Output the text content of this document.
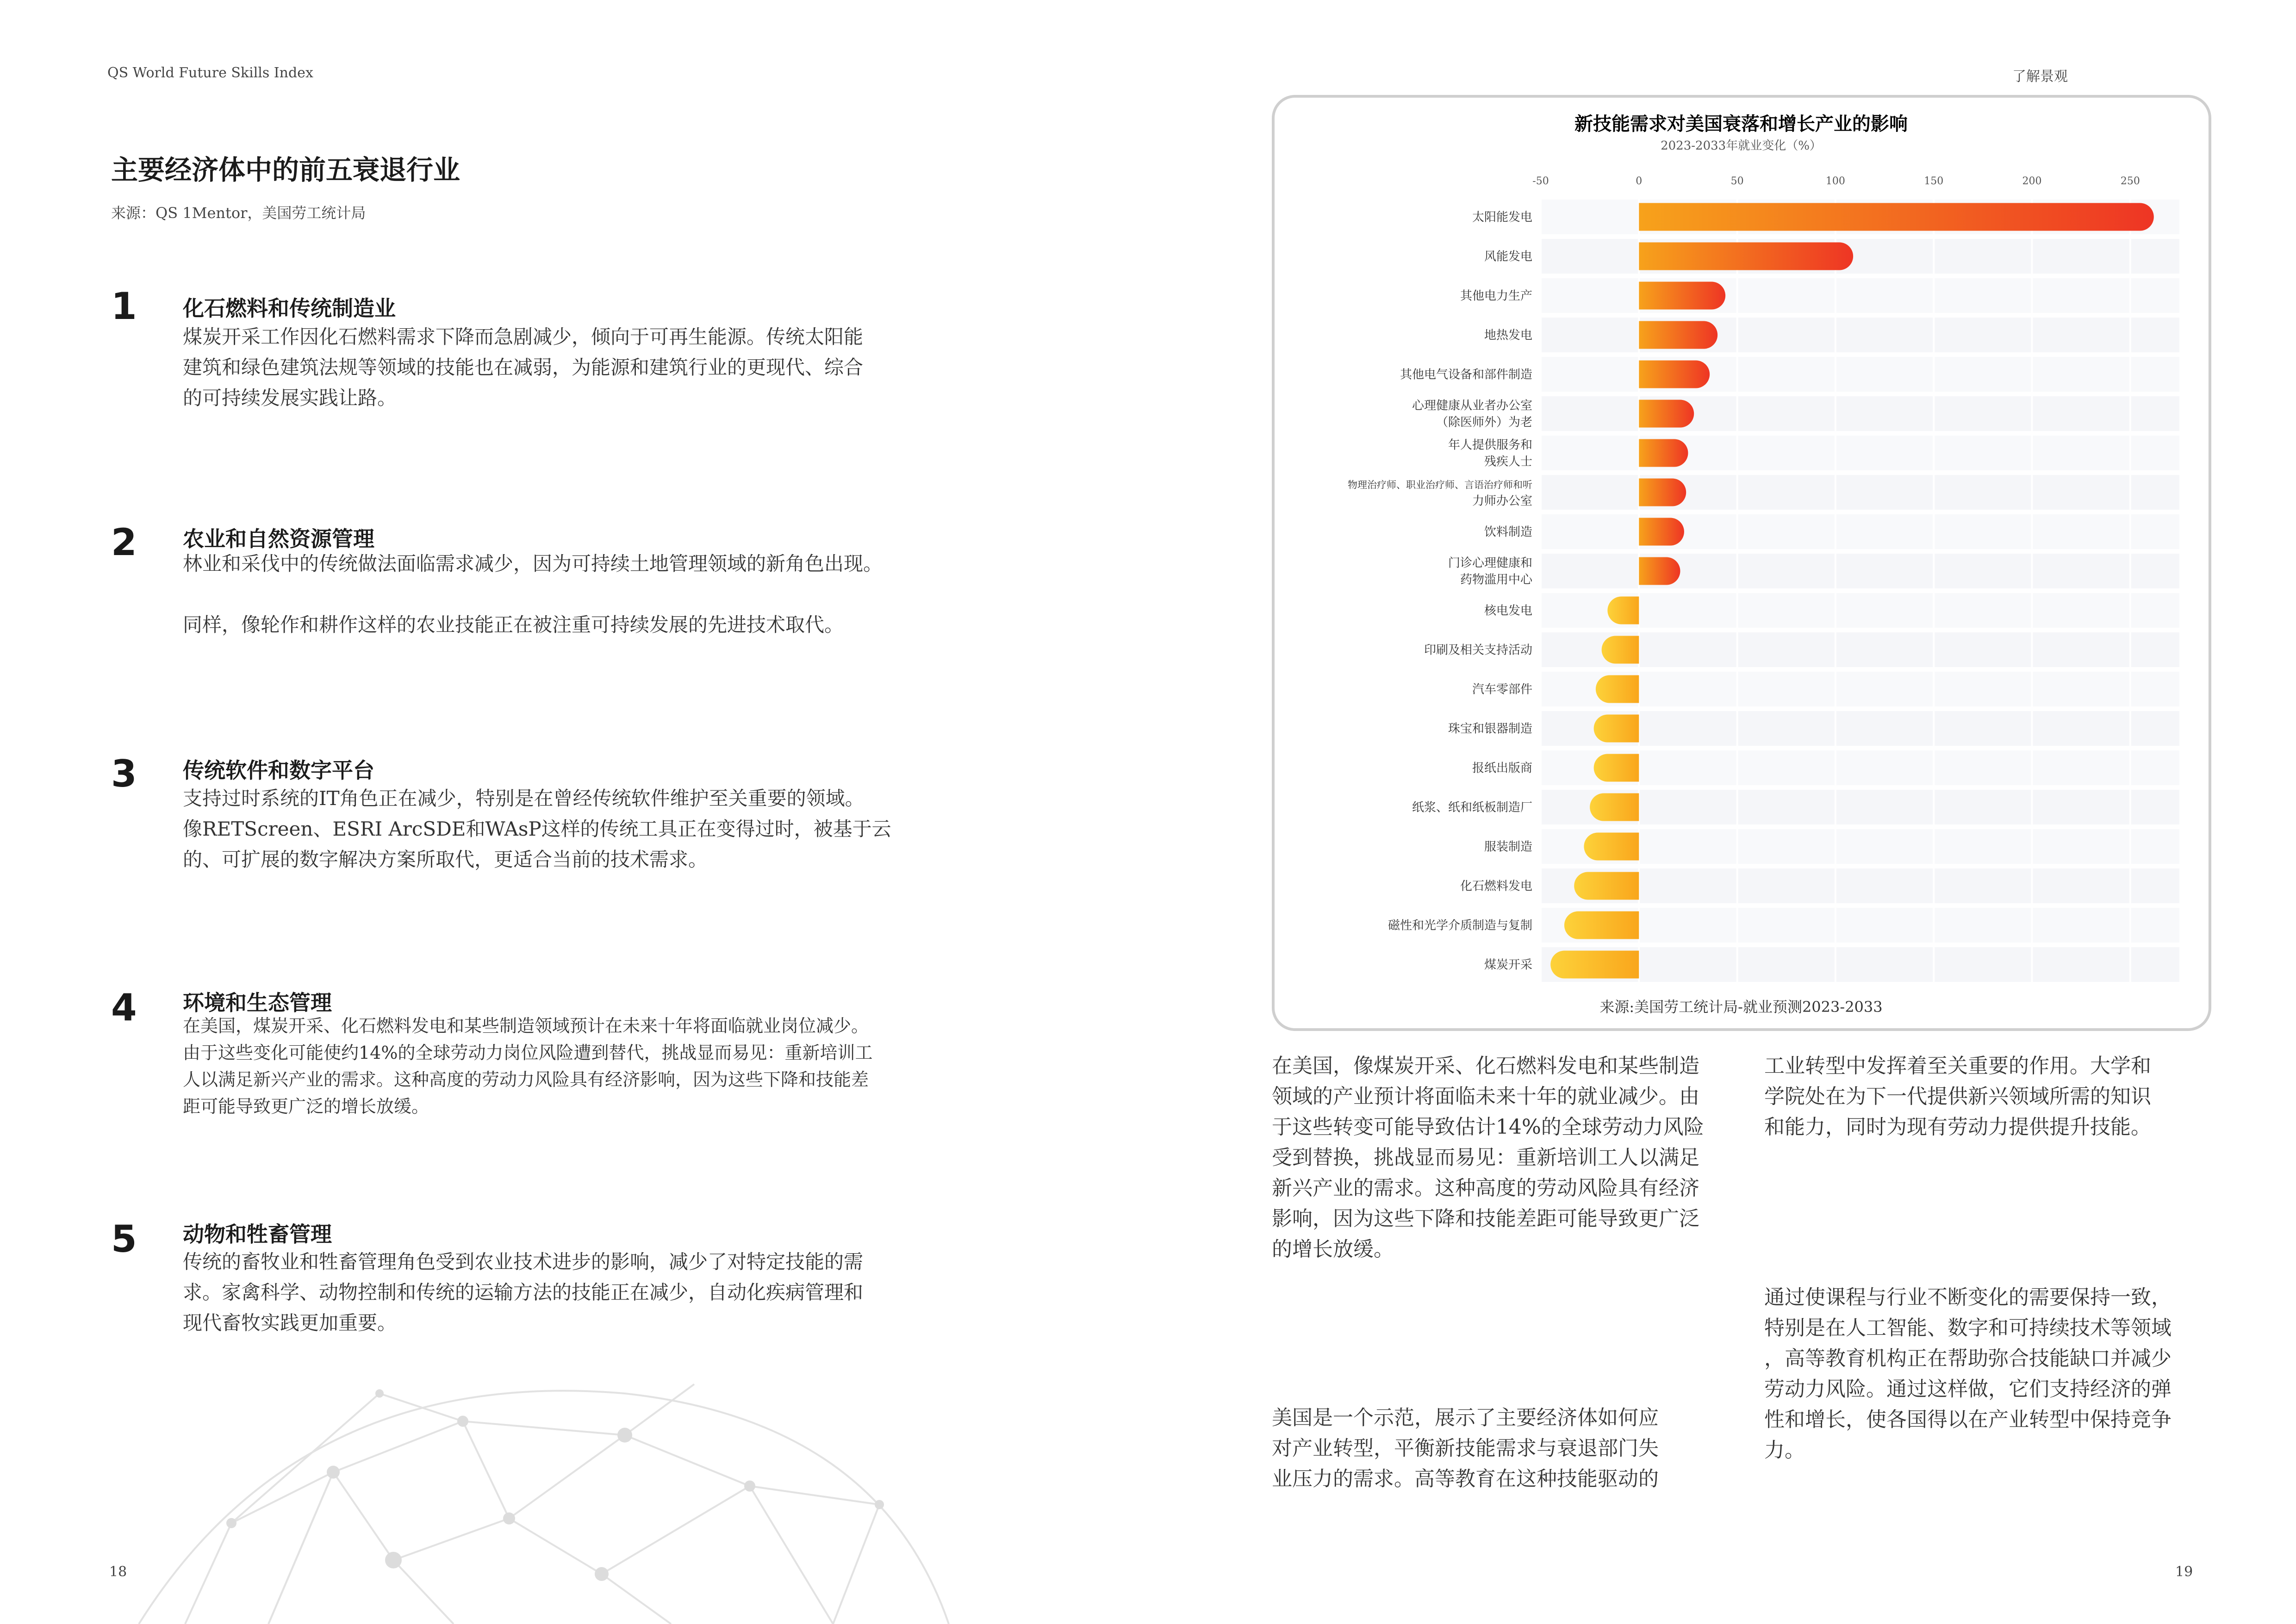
QS World Future Skills Index
主要经济体中的前五衰退行业
来源：QS 1Mentor，美国劳工统计局
1 化石燃料和传统制造业
煤炭开采工作因化石燃料需求下降而急剧减少，倾向于可再生能源。传统太阳能
建筑和绿色建筑法规等领域的技能也在减弱，为能源和建筑行业的更现代、综合
的可持续发展实践让路。
2 农业和自然资源管理
林业和采伐中的传统做法面临需求减少，因为可持续土地管理领域的新角色出现。

同样，像轮作和耕作这样的农业技能正在被注重可持续发展的先进技术取代。
3 传统软件和数字平台
支持过时系统的IT角色正在减少，特别是在曾经传统软件维护至关重要的领域。
像RETScreen、ESRI ArcSDE和WAsP这样的传统工具正在变得过时，被基于云
的、可扩展的数字解决方案所取代，更适合当前的技术需求。
4 环境和生态管理
在美国，煤炭开采、化石燃料发电和某些制造领域预计在未来十年将面临就业岗位减少。
由于这些变化可能使约14%的全球劳动力岗位风险遭到替代，挑战显而易见：重新培训工
人以满足新兴产业的需求。这种高度的劳动力风险具有经济影响，因为这些下降和技能差
距可能导致更广泛的增长放缓。
5 动物和牲畜管理
传统的畜牧业和牲畜管理角色受到农业技术进步的影响，减少了对特定技能的需
求。家禽科学、动物控制和传统的运输方法的技能正在减少，自动化疾病管理和
现代畜牧实践更加重要。
18
了解景观
新技能需求对美国衰落和增长产业的影响
2023-2033年就业变化（%）
-50	0	50	100	150	200	250
太阳能发电
风能发电
其他电力生产
地热发电
其他电气设备和部件制造
心理健康从业者办公室（除医师外）为老
年人提供服务和残疾人士
物理治疗师、职业治疗师、言语治疗师和听力师办公室
饮料制造
门诊心理健康和药物滥用中心
核电发电
印刷及相关支持活动
汽车零部件
珠宝和银器制造
报纸出版商
纸浆、纸和纸板制造厂
服装制造
化石燃料发电
磁性和光学介质制造与复制
煤炭开采
来源:美国劳工统计局-就业预测2023-2033
在美国，像煤炭开采、化石燃料发电和某些制造
领域的产业预计将面临未来十年的就业减少。由
于这些转变可能导致估计14%的全球劳动力风险
受到替换，挑战显而易见：重新培训工人以满足
新兴产业的需求。这种高度的劳动风险具有经济
影响，因为这些下降和技能差距可能导致更广泛
的增长放缓。
美国是一个示范，展示了主要经济体如何应
对产业转型，平衡新技能需求与衰退部门失
业压力的需求。高等教育在这种技能驱动的
工业转型中发挥着至关重要的作用。大学和
学院处在为下一代提供新兴领域所需的知识
和能力，同时为现有劳动力提供提升技能。
通过使课程与行业不断变化的需要保持一致，
特别是在人工智能、数字和可持续技术等领域
，高等教育机构正在帮助弥合技能缺口并减少
劳动力风险。通过这样做，它们支持经济的弹
性和增长，使各国得以在产业转型中保持竞争
力。
19
